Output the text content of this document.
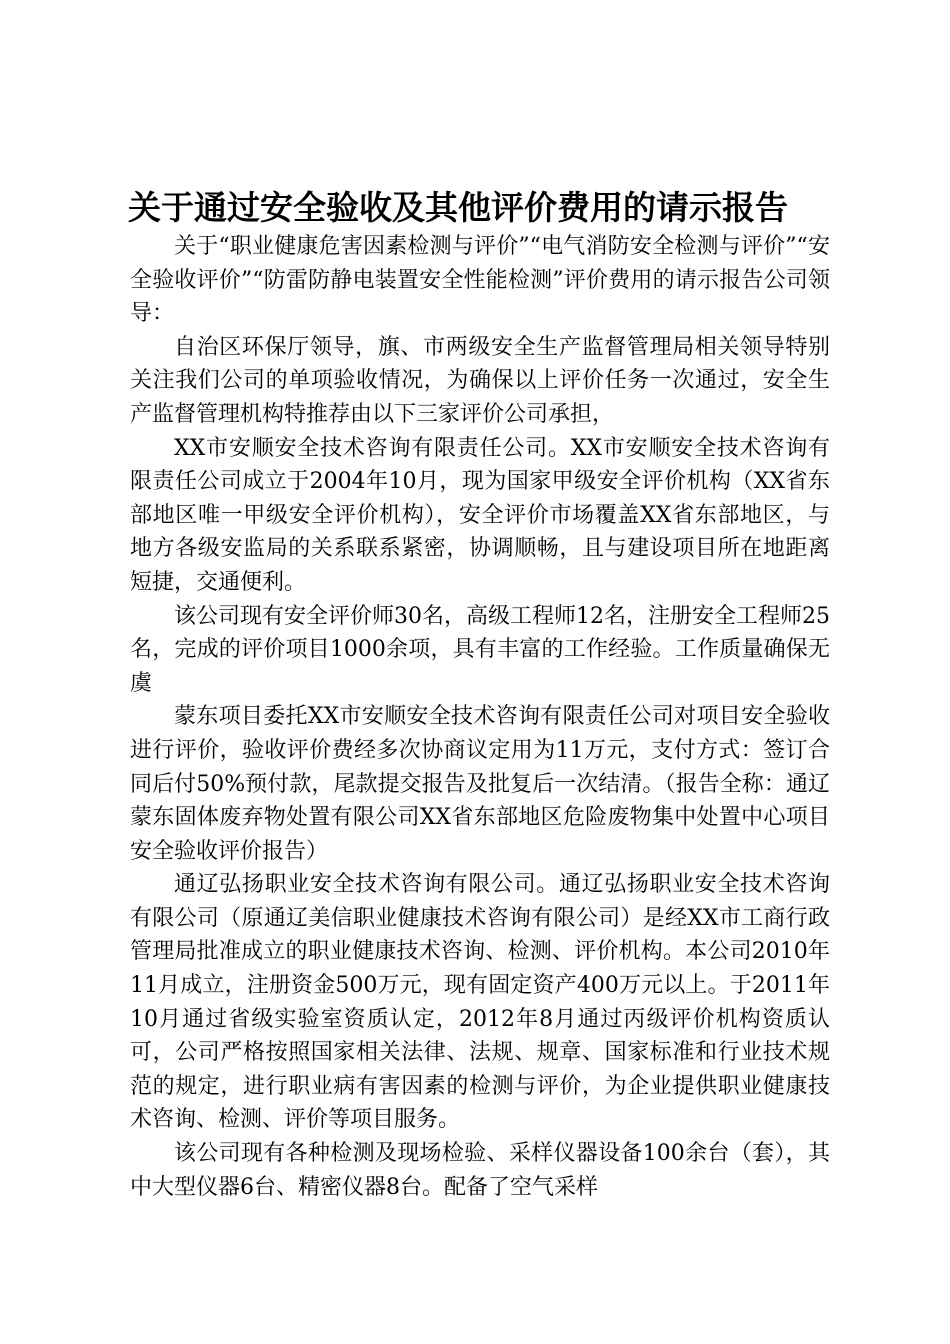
关于通过安全验收及其他评价费用的请示报告

关于“职业健康危害因素检测与评价”“电气消防安全检测与评价”“安全验收评价”“防雷防静电装置安全性能检测”评价费用的请示报告公司领导：

自治区环保厅领导，旗、市两级安全生产监督管理局相关领导特别关注我们公司的单项验收情况，为确保以上评价任务一次通过，安全生产监督管理机构特推荐由以下三家评价公司承担，

XX市安顺安全技术咨询有限责任公司。XX市安顺安全技术咨询有限责任公司成立于2004年10月，现为国家甲级安全评价机构（XX省东部地区唯一甲级安全评价机构），安全评价市场覆盖XX省东部地区，与地方各级安监局的关系联系紧密，协调顺畅，且与建设项目所在地距离短捷，交通便利。

该公司现有安全评价师30名，高级工程师12名，注册安全工程师25名，完成的评价项目1000余项，具有丰富的工作经验。工作质量确保无虞

蒙东项目委托XX市安顺安全技术咨询有限责任公司对项目安全验收进行评价，验收评价费经多次协商议定用为11万元，支付方式：签订合同后付50%预付款，尾款提交报告及批复后一次结清。（报告全称：通辽蒙东固体废弃物处置有限公司XX省东部地区危险废物集中处置中心项目安全验收评价报告）

通辽弘扬职业安全技术咨询有限公司。通辽弘扬职业安全技术咨询有限公司（原通辽美信职业健康技术咨询有限公司）是经XX市工商行政管理局批准成立的职业健康技术咨询、检测、评价机构。本公司2010年11月成立，注册资金500万元，现有固定资产400万元以上。于2011年10月通过省级实验室资质认定，2012年8月通过丙级评价机构资质认可，公司严格按照国家相关法律、法规、规章、国家标准和行业技术规范的规定，进行职业病有害因素的检测与评价，为企业提供职业健康技术咨询、检测、评价等项目服务。

该公司现有各种检测及现场检验、采样仪器设备100余台（套），其中大型仪器6台、精密仪器8台。配备了空气采样
